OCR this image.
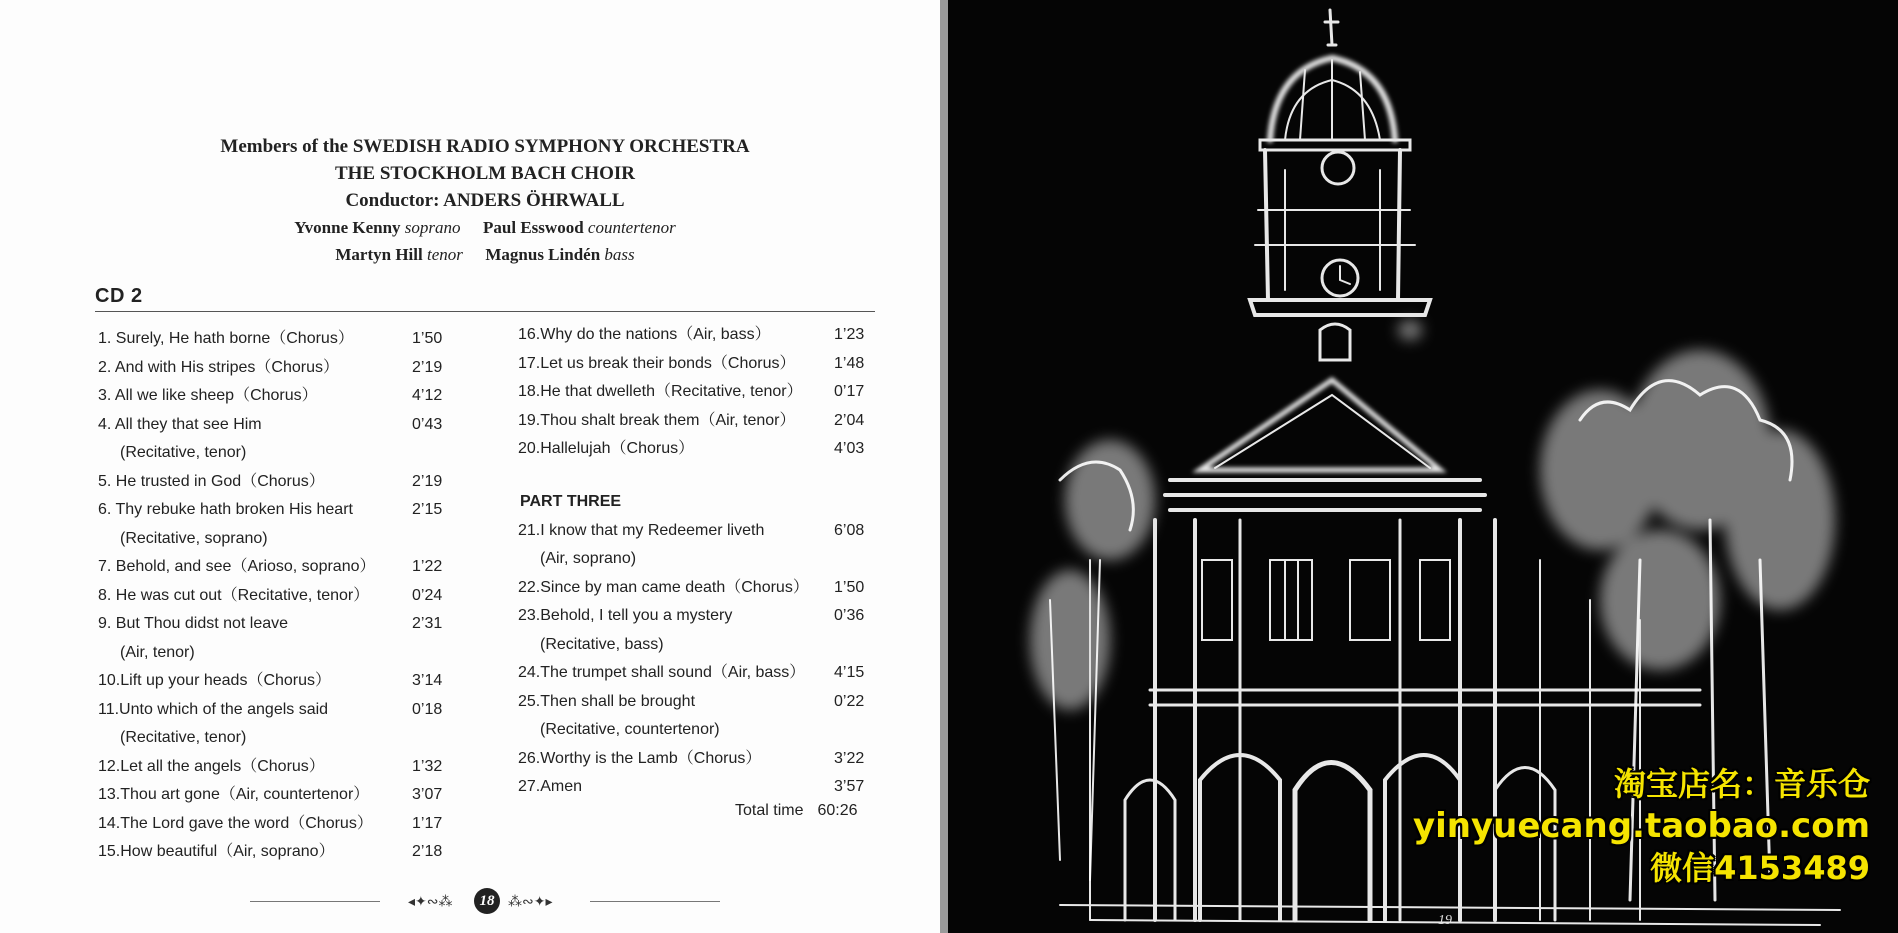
Members of the SWEDISH RADIO SYMPHONY ORCHESTRA
THE STOCKHOLM BACH CHOIR
Conductor: ANDERS ÖHRWALL
Yvonne Kenny soprano Paul Esswood countertenor
Martyn Hill tenor Magnus Lindén bass
CD 2
1. Surely, He hath borne（Chorus）	1’50
2. And with His stripes（Chorus）	2’19
3. All we like sheep（Chorus）	4’12
4. All they that see Him	0’43
(Recitative, tenor)
5. He trusted in God（Chorus）	2’19
6. Thy rebuke hath broken His heart	2’15
(Recitative, soprano)
7. Behold, and see（Arioso, soprano） 1’22
8. He was cut out（Recitative, tenor）	0’24
9. But Thou didst not leave	2’31
(Air, tenor)
10.Lift up your heads（Chorus）	3’14
11.Unto which of the angels said	0’18
(Recitative, tenor)
12.Let all the angels（Chorus）	1’32
13.Thou art gone（Air, countertenor）	3’07
14.The Lord gave the word（Chorus） 1’17
15.How beautiful（Air, soprano）	2’18
16.Why do the nations（Air, bass）	1’23
17.Let us break their bonds（Chorus） 1’48
18.He that dwelleth（Recitative, tenor） 0’17
19.Thou shalt break them（Air, tenor） 2’04
20.Hallelujah（Chorus）	4’03
21.I know that my Redeemer liveth	6’08
(Air, soprano)
22.Since by man came death（Chorus） 1’50
23.Behold, I tell you a mystery	0’36
(Recitative, bass)
24.The trumpet shall sound（Air, bass） 4’15
25.Then shall be brought	0’22
(Recitative, countertenor)
26.Worthy is the Lamb（Chorus）	3’22
27.Amen	3’57
PART THREE
Total time 60:26
◂✦∾⁂	18 ⁂∾✦▸
19
淘宝店名：音乐仓
yinyuecang.taobao.com
微信4153489
